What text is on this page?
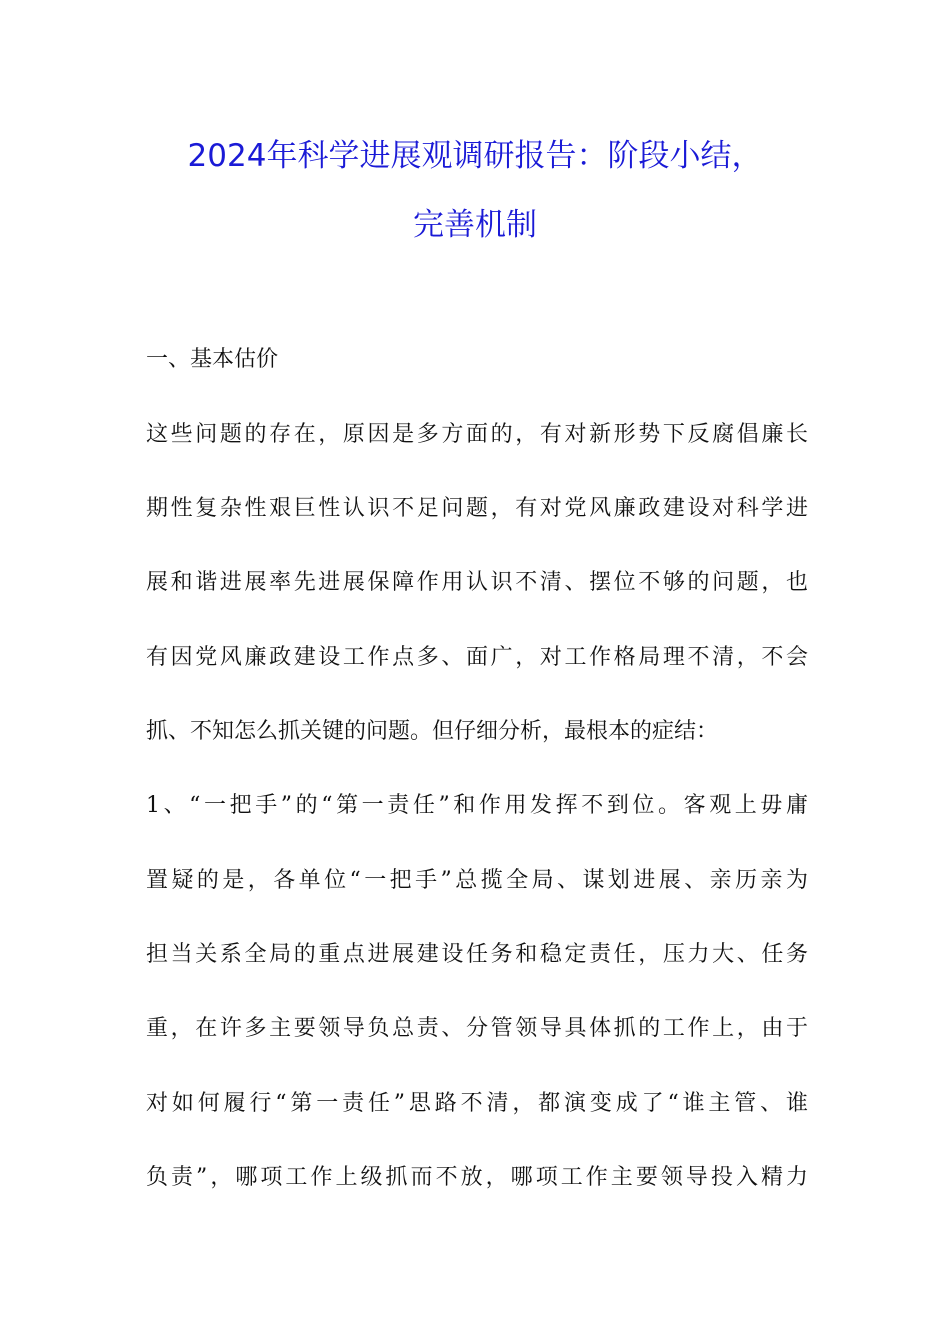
2024年科学进展观调研报告：阶段小结，
完善机制
一、基本估价
这些问题的存在，原因是多方面的，有对新形势下反腐倡廉长
期性复杂性艰巨性认识不足问题，有对党风廉政建设对科学进
展和谐进展率先进展保障作用认识不清、摆位不够的问题，也
有因党风廉政建设工作点多、面广，对工作格局理不清，不会
抓、不知怎么抓关键的问题。但仔细分析，最根本的症结：
1、“一把手”的“第一责任”和作用发挥不到位。客观上毋庸
置疑的是，各单位“一把手”总揽全局、谋划进展、亲历亲为
担当关系全局的重点进展建设任务和稳定责任，压力大、任务
重，在许多主要领导负总责、分管领导具体抓的工作上，由于
对如何履行“第一责任”思路不清，都演变成了“谁主管、谁
负责”，哪项工作上级抓而不放，哪项工作主要领导投入精力
